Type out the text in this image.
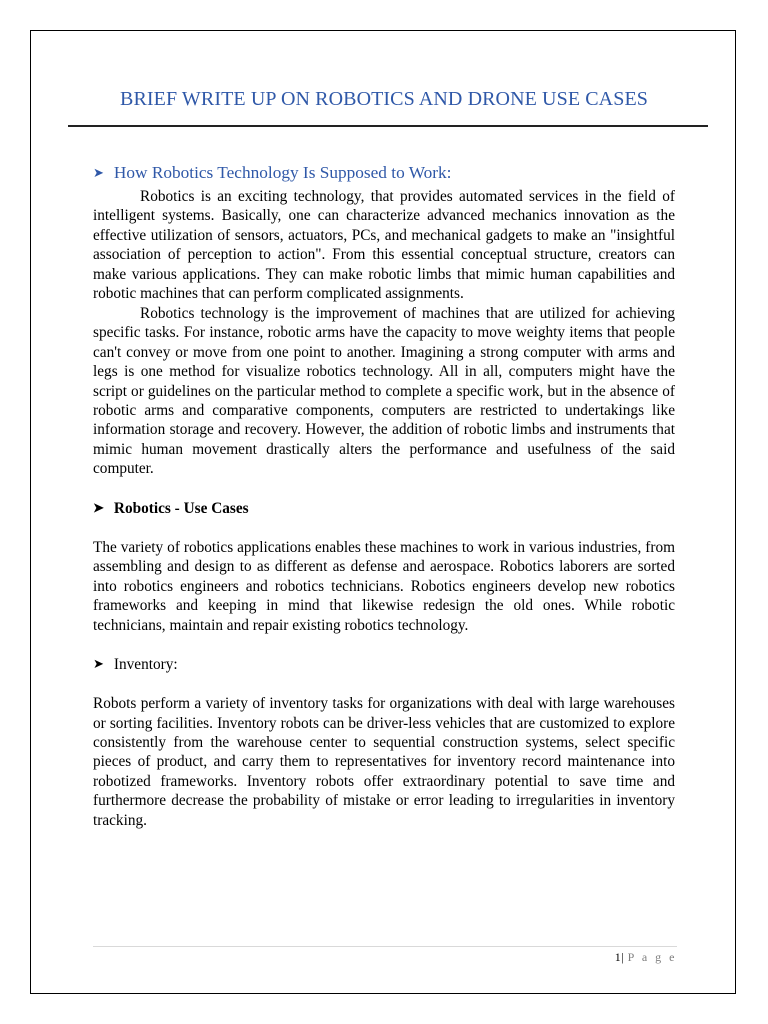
BRIEF WRITE UP ON ROBOTICS AND DRONE USE CASES
➤ How Robotics Technology Is Supposed to Work:

Robotics is an exciting technology, that provides automated services in the field of intelligent systems. Basically, one can characterize advanced mechanics innovation as the effective utilization of sensors, actuators, PCs, and mechanical gadgets to make an "insightful association of perception to action". From this essential conceptual structure, creators can make various applications. They can make robotic limbs that mimic human capabilities and robotic machines that can perform complicated assignments.

Robotics technology is the improvement of machines that are utilized for achieving specific tasks. For instance, robotic arms have the capacity to move weighty items that people can't convey or move from one point to another. Imagining a strong computer with arms and legs is one method for visualize robotics technology. All in all, computers might have the script or guidelines on the particular method to complete a specific work, but in the absence of robotic arms and comparative components, computers are restricted to undertakings like information storage and recovery. However, the addition of robotic limbs and instruments that mimic human movement drastically alters the performance and usefulness of the said computer.

➤ Robotics - Use Cases

The variety of robotics applications enables these machines to work in various industries, from assembling and design to as different as defense and aerospace. Robotics laborers are sorted into robotics engineers and robotics technicians. Robotics engineers develop new robotics frameworks and keeping in mind that likewise redesign the old ones. While robotic technicians, maintain and repair existing robotics technology.

➤ Inventory:

Robots perform a variety of inventory tasks for organizations with deal with large warehouses or sorting facilities. Inventory robots can be driver-less vehicles that are customized to explore consistently from the warehouse center to sequential construction systems, select specific pieces of product, and carry them to representatives for inventory record maintenance into robotized frameworks. Inventory robots offer extraordinary potential to save time and furthermore decrease the probability of mistake or error leading to irregularities in inventory tracking.

1| P a g e
